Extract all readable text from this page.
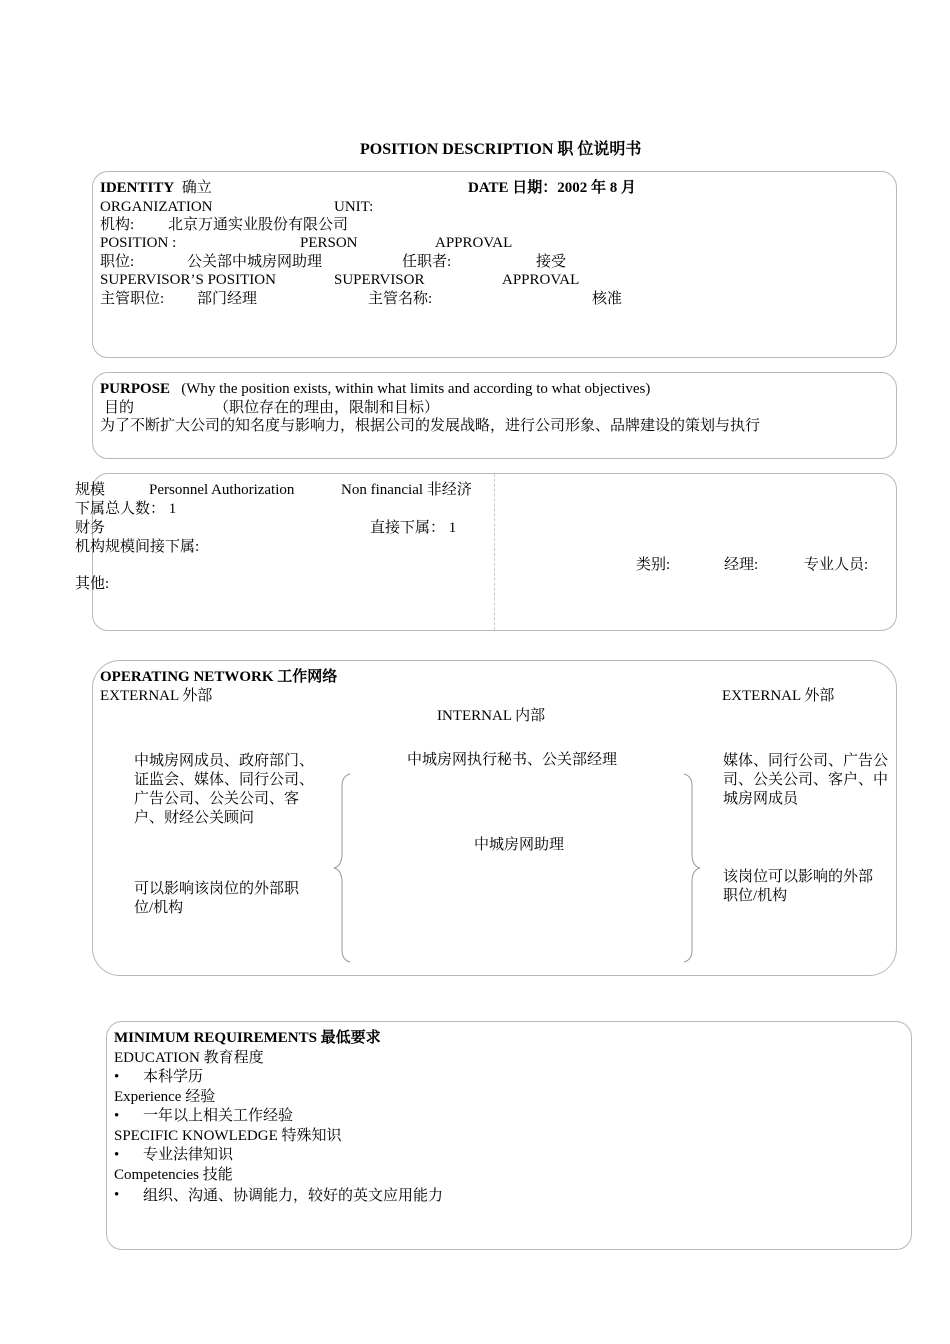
POSITION DESCRIPTION 职 位说明书
IDENTITY 确立	DATE 日期：2002 年 8 月
ORGANIZATION	UNIT:
机构: 北京万通实业股份有限公司
POSITION :	PERSON	APPROVAL
职位:	公关部中城房网助理	任职者:	接受
SUPERVISOR’S POSITION	SUPERVISOR	APPROVAL
主管职位: 部门经理	主管名称:	核准
PURPOSE (Why the position exists, within what limits and according to what objectives)
目的	（职位存在的理由，限制和目标）
为了不断扩大公司的知名度与影响力，根据公司的发展战略，进行公司形象、品牌建设的策划与执行
规模	Personnel Authorization	Non financial 非经济
下属总人数： 1
财务	直接下属： 1
机构规模间接下属:
类别:	经理:	专业人员:
其他:
OPERATING NETWORK 工作网络
EXTERNAL 外部	EXTERNAL 外部
INTERNAL 内部
中城房网成员、政府部门、证监会、媒体、同行公司、广告公司、公关公司、客户、财经公关顾问
可以影响该岗位的外部职位/机构
中城房网执行秘书、公关部经理
中城房网助理
媒体、同行公司、广告公司、公关公司、客户、中城房网成员
该岗位可以影响的外部职位/机构
MINIMUM REQUIREMENTS 最低要求
EDUCATION 教育程度
• 本科学历
Experience 经验
• 一年以上相关工作经验
SPECIFIC KNOWLEDGE 特殊知识
• 专业法律知识
Competencies 技能
• 组织、沟通、协调能力，较好的英文应用能力
